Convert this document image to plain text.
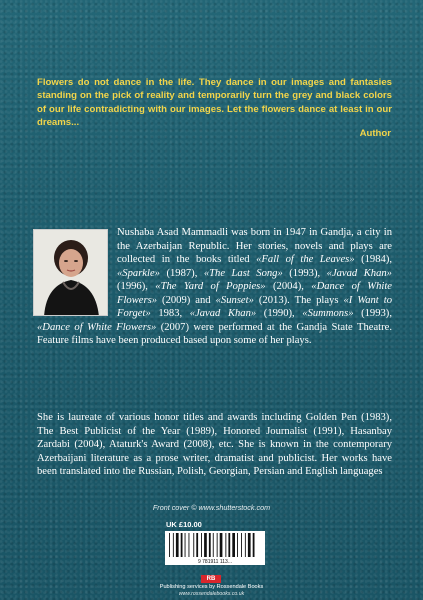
Flowers do not dance in the life. They dance in our images and fantasies standing on the pick of reality and temporarily turn the grey and black colors of our life contradicting with our images. Let the flowers dance at least in our dreams...
Author
Nushaba Asad Mammadli was born in 1947 in Gandja, a city in the Azerbaijan Republic. Her stories, novels and plays are collected in the books titled «Fall of the Leaves» (1984), «Sparkle» (1987), «The Last Song» (1993), «Javad Khan» (1996), «The Yard of Poppies» (2004), «Dance of White Flowers» (2009) and «Sunset» (2013). The plays «I Want to Forget» 1983, «Javad Khan» (1990), «Summons» (1993), «Dance of White Flowers» (2007) were performed at the Gandja State Theatre. Feature films have been produced based upon some of her plays.
She is laureate of various honor titles and awards including Golden Pen (1983), The Best Publicist of the Year (1989), Honored Journalist (1991), Hasanbay Zardabi (2004), Ataturk's Award (2008), etc. She is known in the contemporary Azerbaijani literature as a prose writer, dramatist and publicist. Her works have been translated into the Russian, Polish, Georgian, Persian and English languages
Front cover © www.shutterstock.com
UK £10.00
9 781911 113...
RB
Publishing services by Rossendale Books
www.rossendalebooks.co.uk
